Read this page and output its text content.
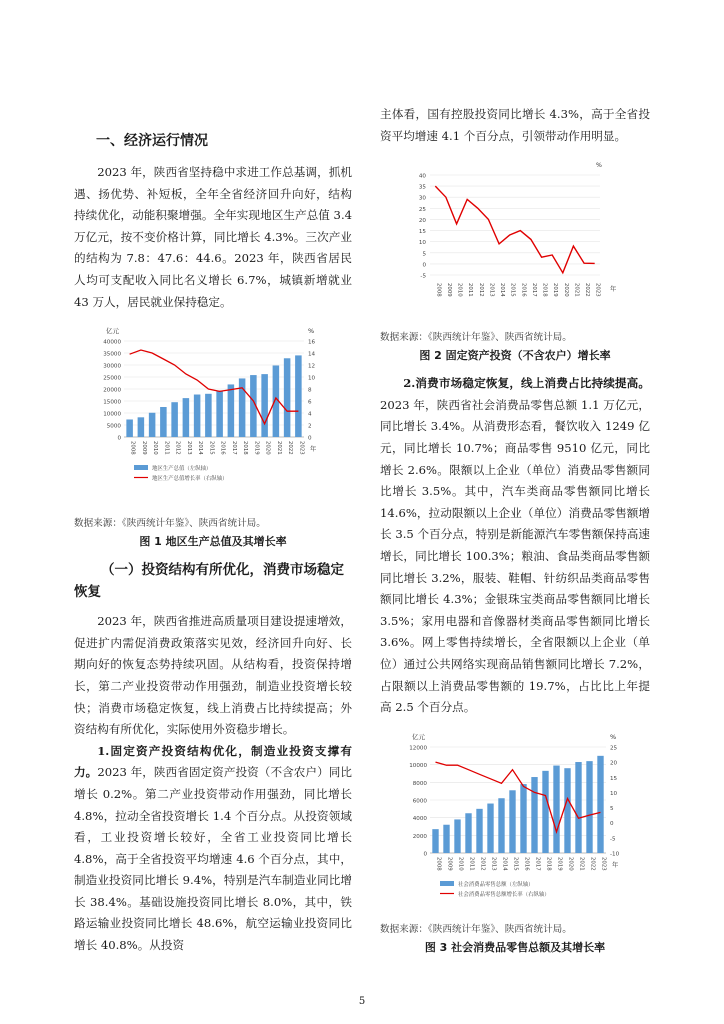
一、经济运行情况

2023 年，陕西省坚持稳中求进工作总基调，抓机遇、扬优势、补短板，全年全省经济回升向好，结构持续优化，动能积聚增强。全年实现地区生产总值 3.4 万亿元，按不变价格计算，同比增长 4.3%。三次产业的结构为 7.8：47.6：44.6。2023 年，陕西省居民人均可支配收入同比名义增长 6.7%，城镇新增就业 43 万人，居民就业保持稳定。

40000
35000
30000
25000
20000
15000
10000
5000
0
16
14
12
10
8
6
4
2
0
亿元	%
2008 2009 2010 2011 2012 2013 2014 2015 2016 2017 2018 2019 2020 2021 2022 2023 年
地区生产总值（左纵轴）
地区生产总值增长率（右纵轴）
数据来源：《陕西统计年鉴》、陕西省统计局。
图 1 地区生产总值及其增长率
（一）投资结构有所优化，消费市场稳定恢复

2023 年，陕西省推进高质量项目建设提速增效，促进扩内需促消费政策落实见效，经济回升向好、长期向好的恢复态势持续巩固。从结构看，投资保持增长，第二产业投资带动作用强劲，制造业投资增长较快；消费市场稳定恢复，线上消费占比持续提高；外资结构有所优化，实际使用外资稳步增长。

1.固定资产投资结构优化，制造业投资支撑有力。2023 年，陕西省固定资产投资（不含农户）同比增长 0.2%。第二产业投资带动作用强劲，同比增长 4.8%，拉动全省投资增长 1.4 个百分点。从投资领域看，工业投资增长较好，全省工业投资同比增长 4.8%，高于全省投资平均增速 4.6 个百分点，其中，制造业投资同比增长 9.4%，特别是汽车制造业同比增长 38.4%。基础设施投资同比增长 8.0%，其中，铁路运输业投资同比增长 48.6%，航空运输业投资同比增长 40.8%。从投资

主体看，国有控股投资同比增长 4.3%，高于全省投资平均增速 4.1 个百分点，引领带动作用明显。

40
35
30
25
20
15
10
5
0
-5
%
2008 2009 2010 2011 2012 2013 2014 2015 2016 2017 2018 2019 2020 2021 2022 2023 年
数据来源：《陕西统计年鉴》、陕西省统计局。
图 2 固定资产投资（不含农户）增长率

2.消费市场稳定恢复，线上消费占比持续提高。2023 年，陕西省社会消费品零售总额 1.1 万亿元，同比增长 3.4%。从消费形态看，餐饮收入 1249 亿元，同比增长 10.7%；商品零售 9510 亿元，同比增长 2.6%。限额以上企业（单位）消费品零售额同比增长 3.5%。其中，汽车类商品零售额同比增长 14.6%，拉动限额以上企业（单位）消费品零售额增长 3.5 个百分点，特别是新能源汽车零售额保持高速增长，同比增长 100.3%；粮油、食品类商品零售额同比增长 3.2%，服装、鞋帽、针纺织品类商品零售额同比增长 4.3%；金银珠宝类商品零售额同比增长 3.5%；家用电器和音像器材类商品零售额同比增长 3.6%。网上零售持续增长，全省限额以上企业（单位）通过公共网络实现商品销售额同比增长 7.2%，占限额以上消费品零售额的 19.7%，占比比上年提高 2.5 个百分点。

12000
10000
8000
6000
4000
2000
0
25
20
15
10
5
0
-5
-10
亿元	%
2008 2009 2010 2011 2012 2013 2014 2015 2016 2017 2018 2019 2020 2021 2022 2023 年
社会消费品零售总额（左纵轴）
社会消费品零售总额增长率（右纵轴）
数据来源：《陕西统计年鉴》、陕西省统计局。
图 3 社会消费品零售总额及其增长率
5
